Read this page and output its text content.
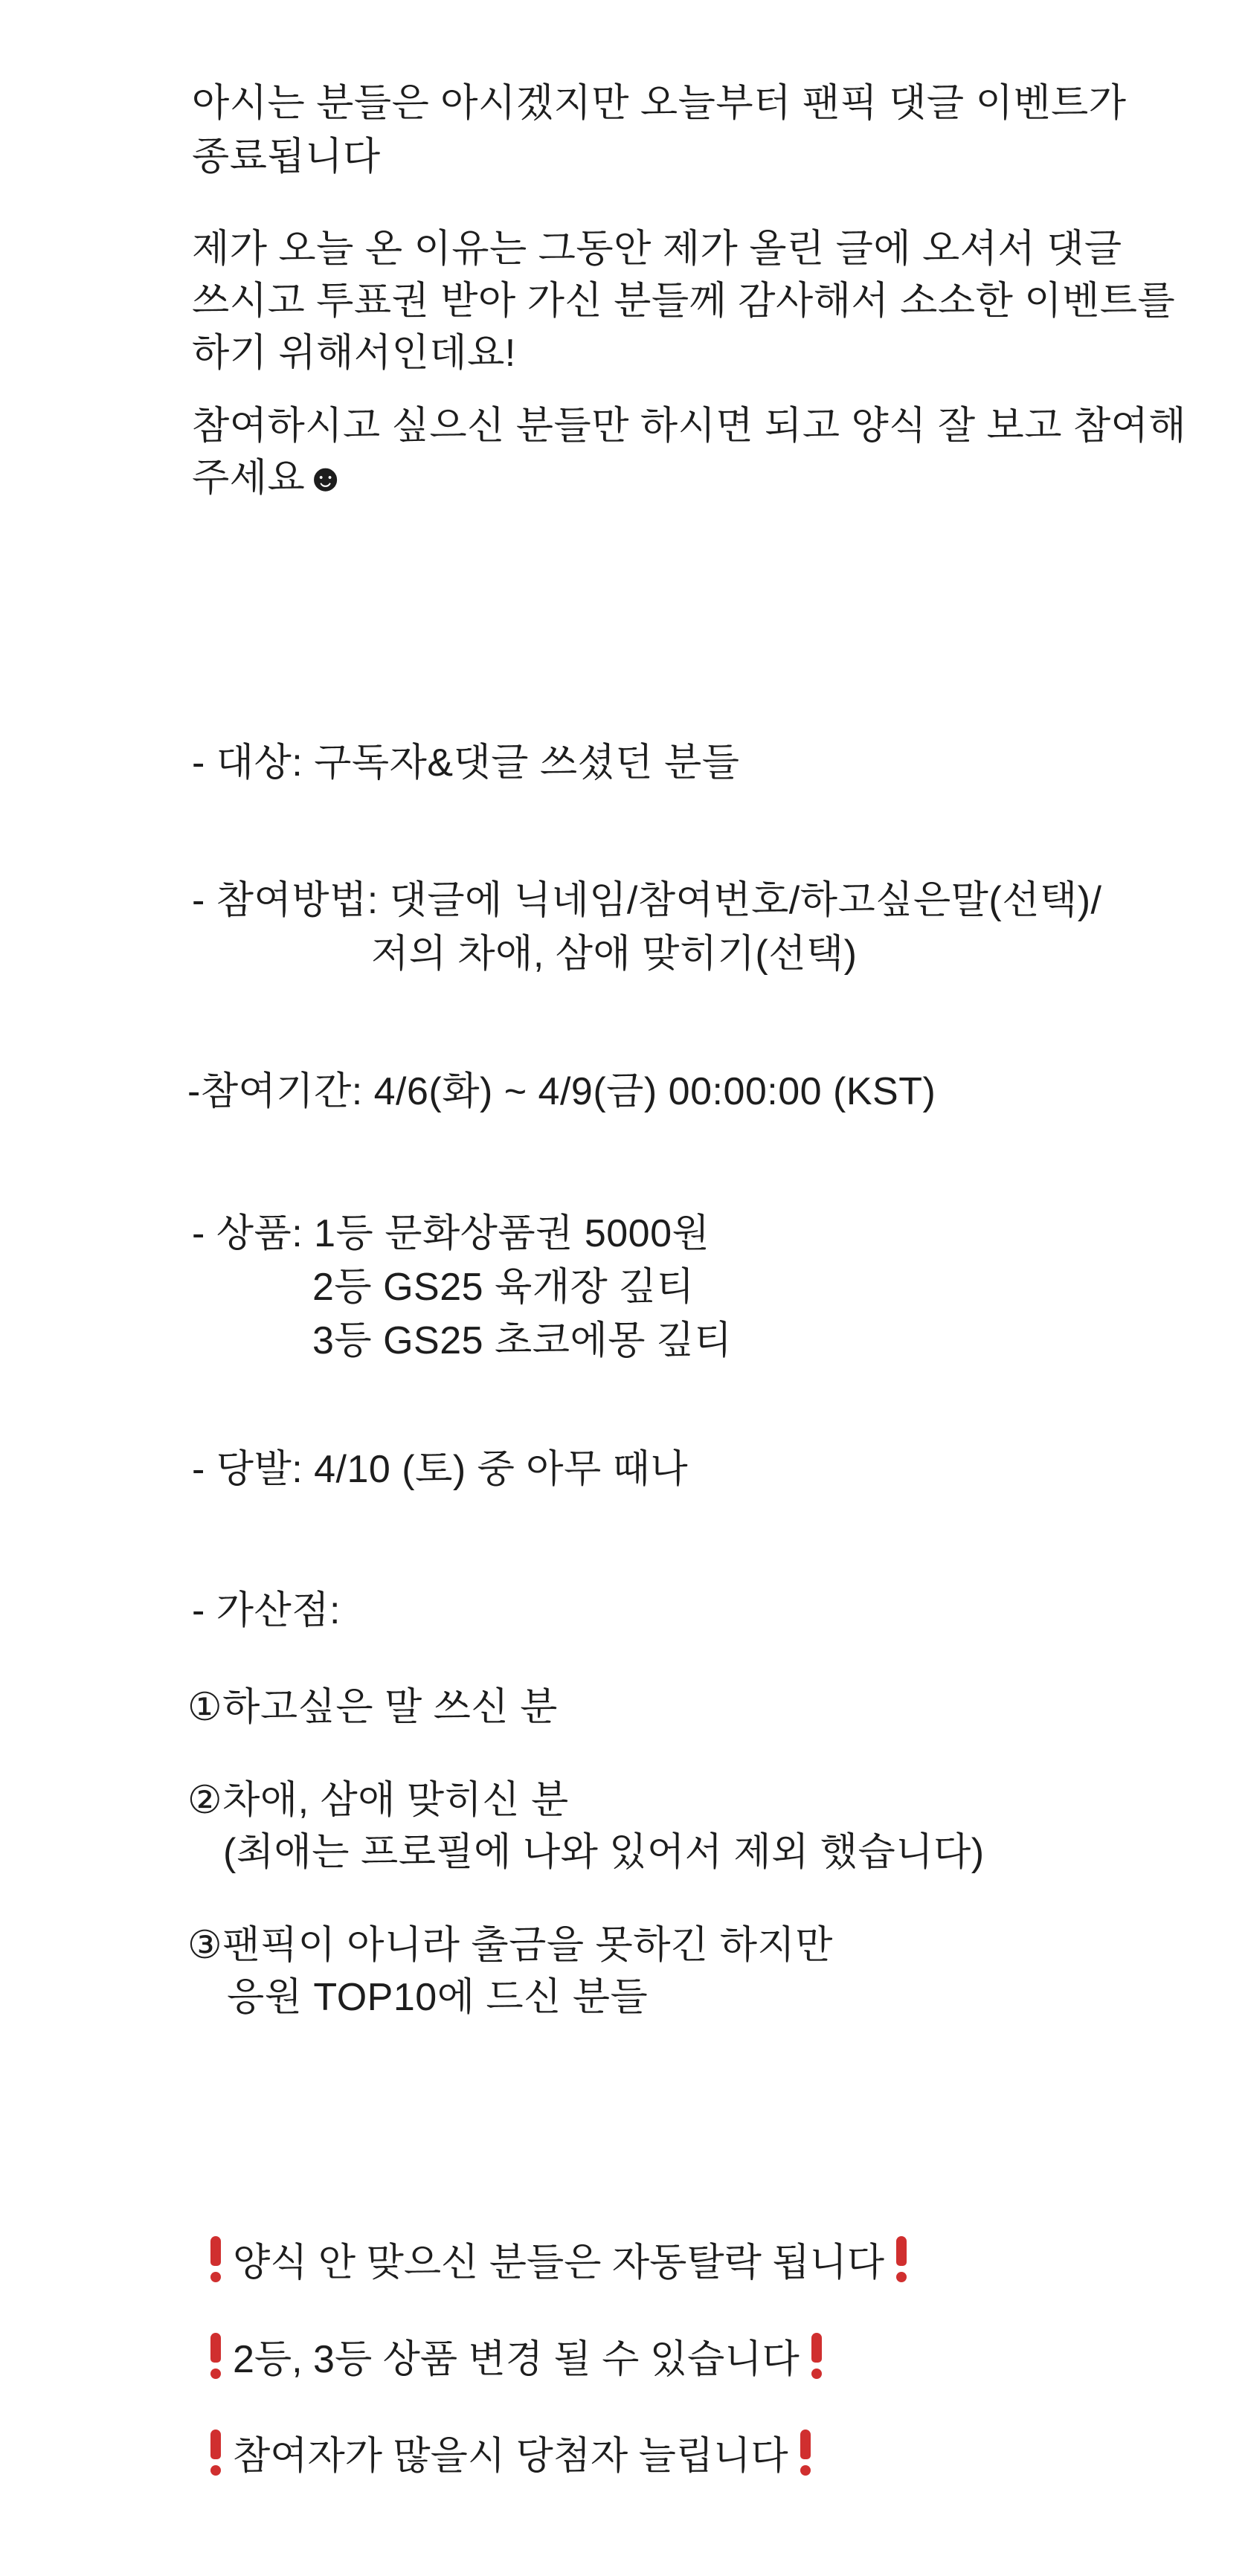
아시는 분들은 아시겠지만 오늘부터 팬픽 댓글 이벤트가
종료됩니다
제가 오늘 온 이유는 그동안 제가 올린 글에 오셔서 댓글
쓰시고 투표권 받아 가신 분들께 감사해서 소소한 이벤트를
하기 위해서인데요!
참여하시고 싶으신 분들만 하시면 되고 양식 잘 보고 참여해
주세요☻
- 대상: 구독자&댓글 쓰셨던 분들
- 참여방법: 댓글에 닉네임/참여번호/하고싶은말(선택)/
저의 차애, 삼애 맞히기(선택)
-참여기간: 4/6(화) ~ 4/9(금) 00:00:00 (KST)
- 상품: 1등 문화상품권 5000원
2등 GS25 육개장 깊티
3등 GS25 초코에몽 깊티
- 당발: 4/10 (토) 중 아무 때나
- 가산점:
①하고싶은 말 쓰신 분
②차애, 삼애 맞히신 분
(최애는 프로필에 나와 있어서 제외 했습니다)
③팬픽이 아니라 출금을 못하긴 하지만
응원 TOP10에 드신 분들
양식 안 맞으신 분들은 자동탈락 됩니다
2등, 3등 상품 변경 될 수 있습니다
참여자가 많을시 당첨자 늘립니다
